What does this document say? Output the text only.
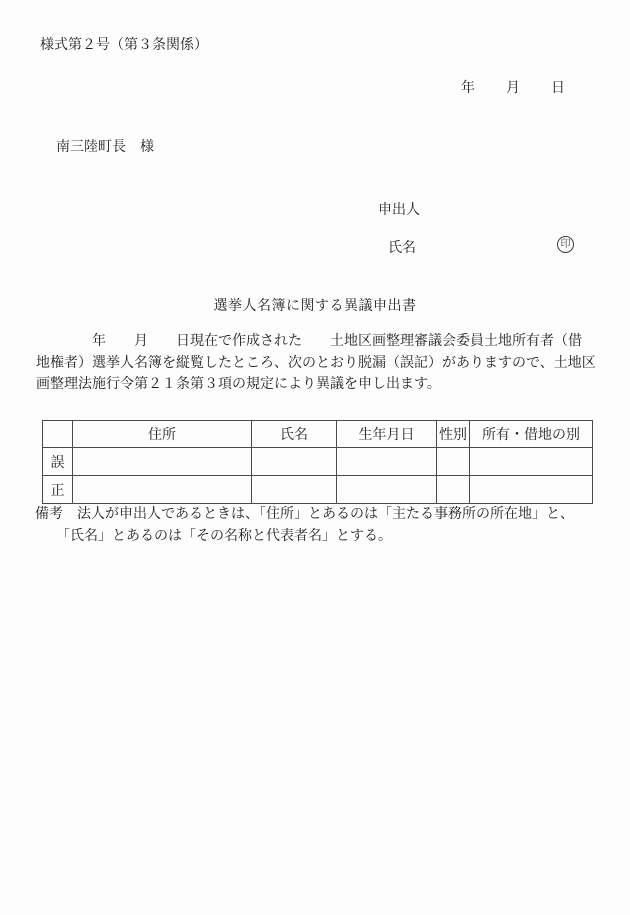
様式第２号（第３条関係）
年　　月　　日
南三陸町長　様
申出人
氏名	印
選挙人名簿に関する異議申出書
　　　　年　　月　　日現在で作成された　　土地区画整理審議会委員土地所有者（借
地権者）選挙人名簿を縦覧したところ、次のとおり脱漏（誤記）がありますので、土地区
画整理法施行令第２１条第３項の規定により異議を申し出ます。
	住所	氏名	生年月日	性別	所有・借地の別
誤					
正					
備考　法人が申出人であるときは、「住所」とあるのは「主たる事務所の所在地」と、
「氏名」とあるのは「その名称と代表者名」とする。
